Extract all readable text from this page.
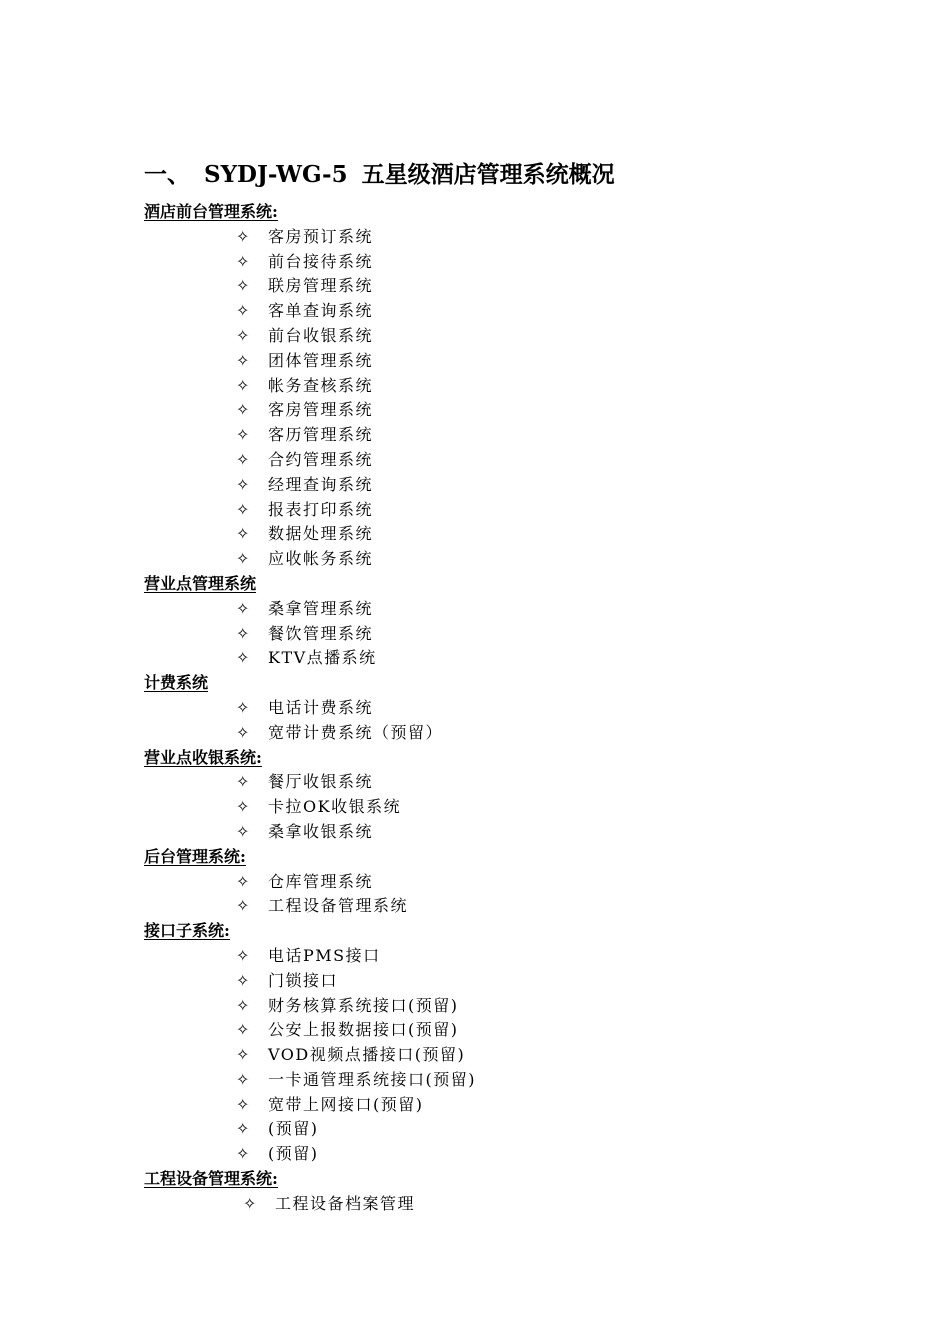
一、 SYDJ-WG-5 五星级酒店管理系统概况
酒店前台管理系统:
✧ 客房预订系统
✧ 前台接待系统
✧ 联房管理系统
✧ 客单查询系统
✧ 前台收银系统
✧ 团体管理系统
✧ 帐务查核系统
✧ 客房管理系统
✧ 客历管理系统
✧ 合约管理系统
✧ 经理查询系统
✧ 报表打印系统
✧ 数据处理系统
✧ 应收帐务系统
营业点管理系统
✧ 桑拿管理系统
✧ 餐饮管理系统
✧ KTV点播系统
计费系统
✧ 电话计费系统
✧ 宽带计费系统（预留）
营业点收银系统:
✧ 餐厅收银系统
✧ 卡拉OK收银系统
✧ 桑拿收银系统
后台管理系统:
✧ 仓库管理系统
✧ 工程设备管理系统
接口子系统:
✧ 电话PMS接口
✧ 门锁接口
✧ 财务核算系统接口(预留)
✧ 公安上报数据接口(预留)
✧ VOD视频点播接口(预留)
✧ 一卡通管理系统接口(预留)
✧ 宽带上网接口(预留)
✧ (预留)
✧ (预留)
工程设备管理系统:
✧ 工程设备档案管理
